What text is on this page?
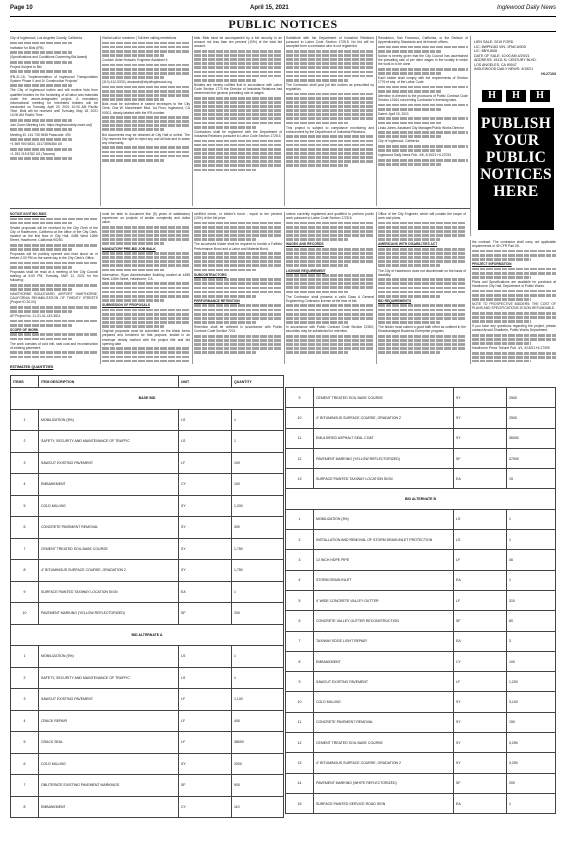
Page 10	April 15, 2021	Inglewood Daily News
PUBLIC NOTICES

City of Inglewood, Los Angeles County, California

Invitation for Bids (IFB)

(Specifications and Conditions Governing Bid Award)

Project Subject to Bid

IFB-21-15, "Implementation of Inglewood Transportation System Phase V and IV Construction Projects"

The City of Inglewood invites and will receive bids from qualified bidders for the furnishing of all labor and materials under the above-designated project. A mandatory informational meeting for interested bidders will be conducted on Tuesday, April 20, 2021 10:00 AM Pacific Time. Bids will be received until Tuesday, May 18, 2021 10:00 AM Pacific Time.

Join Zoom Meeting Link: https://inglewoodcity.zoom.us/j/

Meeting ID: 161 735 9638 Passcode: 490

+1 669 900 6833, 1617359638# US

+1 253 215 8782 US (Tacoma)

Global call-in numbers | Toll-free calling restrictions

Contact: Aktar Hossain, Engineer Assistant II

(310) 412-5333 | ahossain@cityofinglewood.org

Bids must be submitted in sealed envelopes to the City Clerk, One W. Manchester Blvd, 1st Floor, Inglewood, CA 90301, clearly labeled with the IFB number.

Bid documents may be obtained at City Hall or online. The City reserves the right to reject any and all bids and to waive any informality.

bids. Bids must be accompanied by a bid security in an amount not less than ten percent (10%) of the total bid amount.

Bidders are hereby notified that in accordance with Labor Code Section 1770 the Director of Industrial Relations has determined the general prevailing rate of wages.

Contractors shall be registered with the Department of Industrial Relations pursuant to Labor Code Section 1725.5.

Substitute with the Department of Industrial Relations pursuant to Labor Code Section 1725.5. No bid will be accepted from a contractor who is not registered.

The Contractor shall post job site notices as prescribed by regulation.

This project is subject to compliance monitoring and enforcement by the Department of Industrial Relations.

Resolution, San Francisco, California, or the Division of Apprenticeship Standards and its branch offices.

Notice is hereby given that the City Council has ascertained the prevailing rate of per diem wages in the locality in which the work is to be done.

Each bidder shall comply with the requirements of Section 1776 et seq. of the Labor Code.

Attention is directed to the provisions of Public Contract Code Section 10164 concerning Contractor's licensing laws.

Dated: April 15, 2021

Linda Jones, Assistant City Manager/Public Works Director

City of Inglewood, California

Inglewood Daily News Pub. 4/8, 4/15/21 HI-27033

LIEN SALE: 2019 FORD
LIC: 8WPN183 VIN: 1FMCU0D5
LIC: 8BYU608
DATE OF SALE: 10:00 AM 4/29/21
ADDRESS: 15111 N. CENTURY BLVD.
LOS ANGELES, CA 90047
INGLEWOOD DAILY NEWS: 4/15/21
HI-27103
H	H	H
PUBLISH
YOUR
PUBLIC
NOTICES
HERE

NOTICE INVITING BIDS

Sealed proposals will be received by the City Clerk of the City of Hawthorne, California at the office of the City Clerk, located on the first floor in City Hall, 4455 West 126th Street, Hawthorne, California 90250.

Proposals will be publicly opened and read aloud on or before 2:00 PM on the same day in the City Clerk's Office.

Proposals shall be read at a meeting of the City Council starting at 6:00 PM, Tuesday, MAY 11, 2021 for the following:

HAWTHORNE BOULEVARD, AIRPORT HAWTHORNE, CALIFORNIA REHABILITATION OF TWENTY STREETS (Project ID 20-00)

AP Project No. 21-01-01-419-3811

SCOPE OF WORK

The work consists of cold mill, seal coat and reconstruction of existing pavement.

must be able to document five (5) years of satisfactory experience on projects of similar complexity and dollar value.

MANDATORY PRE-BID JOB WALK

Information: Ryan Administration Building located at 4455 West 126th Street, Hawthorne, CA.

SUBMISSION OF PROPOSALS

Original proposals must be submitted on the blank forms prepared and furnished for that purpose, sealed in an envelope clearly marked with the project title and bid opening date.

certified check, or bidder's bond - equal to ten percent (10%) of the bid price.

The successful bidder shall be required to furnish a Faithful Performance Bond and a Labor and Material Bond.

SUBCONTRACTORS

PERFORMANCE RETENTION

Retention shall be withheld in accordance with Public Contract Code Section 7201.

unless currently registered and qualified to perform public work pursuant to Labor Code Section 1725.5.

WAGES AND RECORDS

LICENSE REQUIREMENT

The Contractor shall possess a valid Class A General Engineering Contractor license at the time of bid.

In accordance with Public Contract Code Section 22300, securities may be substituted for retention.

Office of the City Engineer, which will contain the scope of work and plans.

AMERICANS WITH DISABILITIES ACT

The City of Hawthorne does not discriminate on the basis of disability.

BID REQUIREMENTS

The bidder must submit a good faith effort as outlined in the Disadvantaged Business Enterprise program.

the contract. The contractor shall carry out applicable requirements of 49 CFR Part 26.

PROJECT INFORMATION

Plans and Specifications are available for purchase at Hawthorne City Hall, Department of Public Works.

NOTE TO PROSPECTIVE BIDDERS: THE COST OF PLANS AND SPECIFICATIONS IS NON-REFUNDABLE.

If you have any questions regarding the project, please contact Arnold Shadbehr, Public Works Department.

Hawthorne Press Tribune Pub. 4/1, 4/15/21 HI-27099

ESTIMATED QUANTITIES
ITEMS	ITEM DESCRIPTION	UNIT	QUANTITY
BASE BID			
1	MOBILIZATION (5%)	LS	1
2	SAFETY, SECURITY AND MAINTENANCE OF TRAFFIC	LS	1
3	SAWCUT EXISTING PAVEMENT	LF	100
4	EMBANKMENT	CY	100
5	COLD MILLING	SY	1,200
6	CONCRETE PAVEMENT REMOVAL	SY	300
7	CEMENT TREATED SOIL BASE COURSE	SY	1,750
8	4" BITUMINOUS SURFACE COURSE, GRADATION 2	SY	1,750
9	SURFACE PAINTED TAXIWAY LOCATION SIGN	EA	1
10	PAVEMENT MARKING (YELLOW REFLECTORIZED)	SF	200
BID ALTERNATE A			
1	MOBILIZATION (5%)	LS	1
2	SAFETY, SECURITY AND MAINTENANCE OF TRAFFIC	LS	1
3	SAWCUT EXISTING PAVEMENT	LF	1,100
4	CRACK REPAIR	LF	400
5	CRACK SEAL	LF	38000
6	COLD MILLING	SY	2000
7	OBLITERATE EXISTING PAVEMENT MARKINGS	SF	900
8	EMBANKMENT	CY	110

9	CEMENT TREATED SOIL BASE COURSE	SY	2500
10	4" BITUMINOUS SURFACE COURSE, GRADATION 2	SY	2500
11	EMULSIFIED ASPHALT SEAL COAT	SY	36000
12	PAVEMENT MARKING (YELLOW REFLECTORIZED)	SF	37000
13	SURFACE PAINTED TAXIWAY LOCATION SIGN	EA	15
BID ALTERNATE B			
1	MOBILIZATION (5%)	LS	1
2	INSTALLATION AND REMOVAL OF STORM DRAIN INLET PROTECTION	LS	1
3	12 INCH HDPE PIPE	LF	46
4	STORM DRAIN INLET	EA	1
5	4' WIDE CONCRETE VALLEY GUTTER	LF	310
6	CONCRETE VALLEY GUTTER RECONSTRUCTION	SF	80
7	TAXIWAY EDGE LIGHT REPAIR	EA	3
8	EMBANKMENT	CY	100
9	SAWCUT EXISTING PAVEMENT	LF	1,200
10	COLD MILLING	SY	3,100
11	CONCRETE PAVEMENT REMOVAL	SY	150
12	CEMENT TREATED SOIL BASE COURSE	SY	3,250
13	4" BITUMINOUS SURFACE COURSE, GRADATION 2	SY	3,250
14	PAVEMENT MARKING (WHITE REFLECTORIZED)	SF	200
15	SURFACE PAINTED SERVICE ROAD SIGN	EA	1
